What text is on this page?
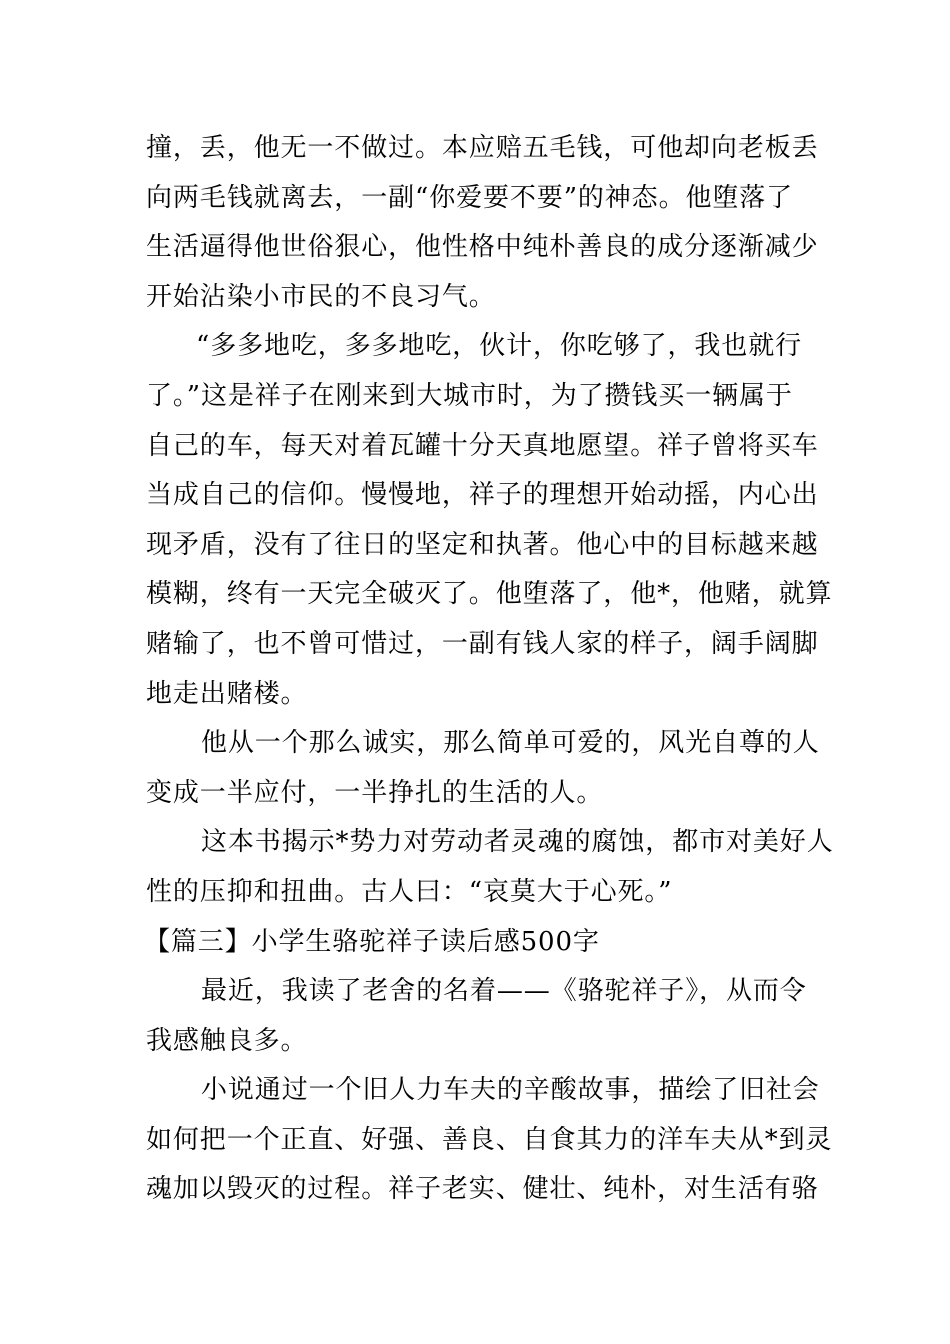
撞，丢，他无一不做过。本应赔五毛钱，可他却向老板丢
向两毛钱就离去，一副“你爱要不要”的神态。他堕落了
生活逼得他世俗狠心，他性格中纯朴善良的成分逐渐减少
开始沾染小市民的不良习气。
“多多地吃，多多地吃，伙计，你吃够了，我也就行
了。”这是祥子在刚来到大城市时，为了攒钱买一辆属于
自己的车，每天对着瓦罐十分天真地愿望。祥子曾将买车
当成自己的信仰。慢慢地，祥子的理想开始动摇，内心出
现矛盾，没有了往日的坚定和执著。他心中的目标越来越
模糊，终有一天完全破灭了。他堕落了，他*，他赌，就算
赌输了，也不曾可惜过，一副有钱人家的样子，阔手阔脚
地走出赌楼。
他从一个那么诚实，那么简单可爱的，风光自尊的人
变成一半应付，一半挣扎的生活的人。
这本书揭示*势力对劳动者灵魂的腐蚀，都市对美好人
性的压抑和扭曲。古人曰：“哀莫大于心死。”
【篇三】小学生骆驼祥子读后感500字
最近，我读了老舍的名着——《骆驼祥子》，从而令
我感触良多。
小说通过一个旧人力车夫的辛酸故事，描绘了旧社会
如何把一个正直、好强、善良、自食其力的洋车夫从*到灵
魂加以毁灭的过程。祥子老实、健壮、纯朴，对生活有骆
